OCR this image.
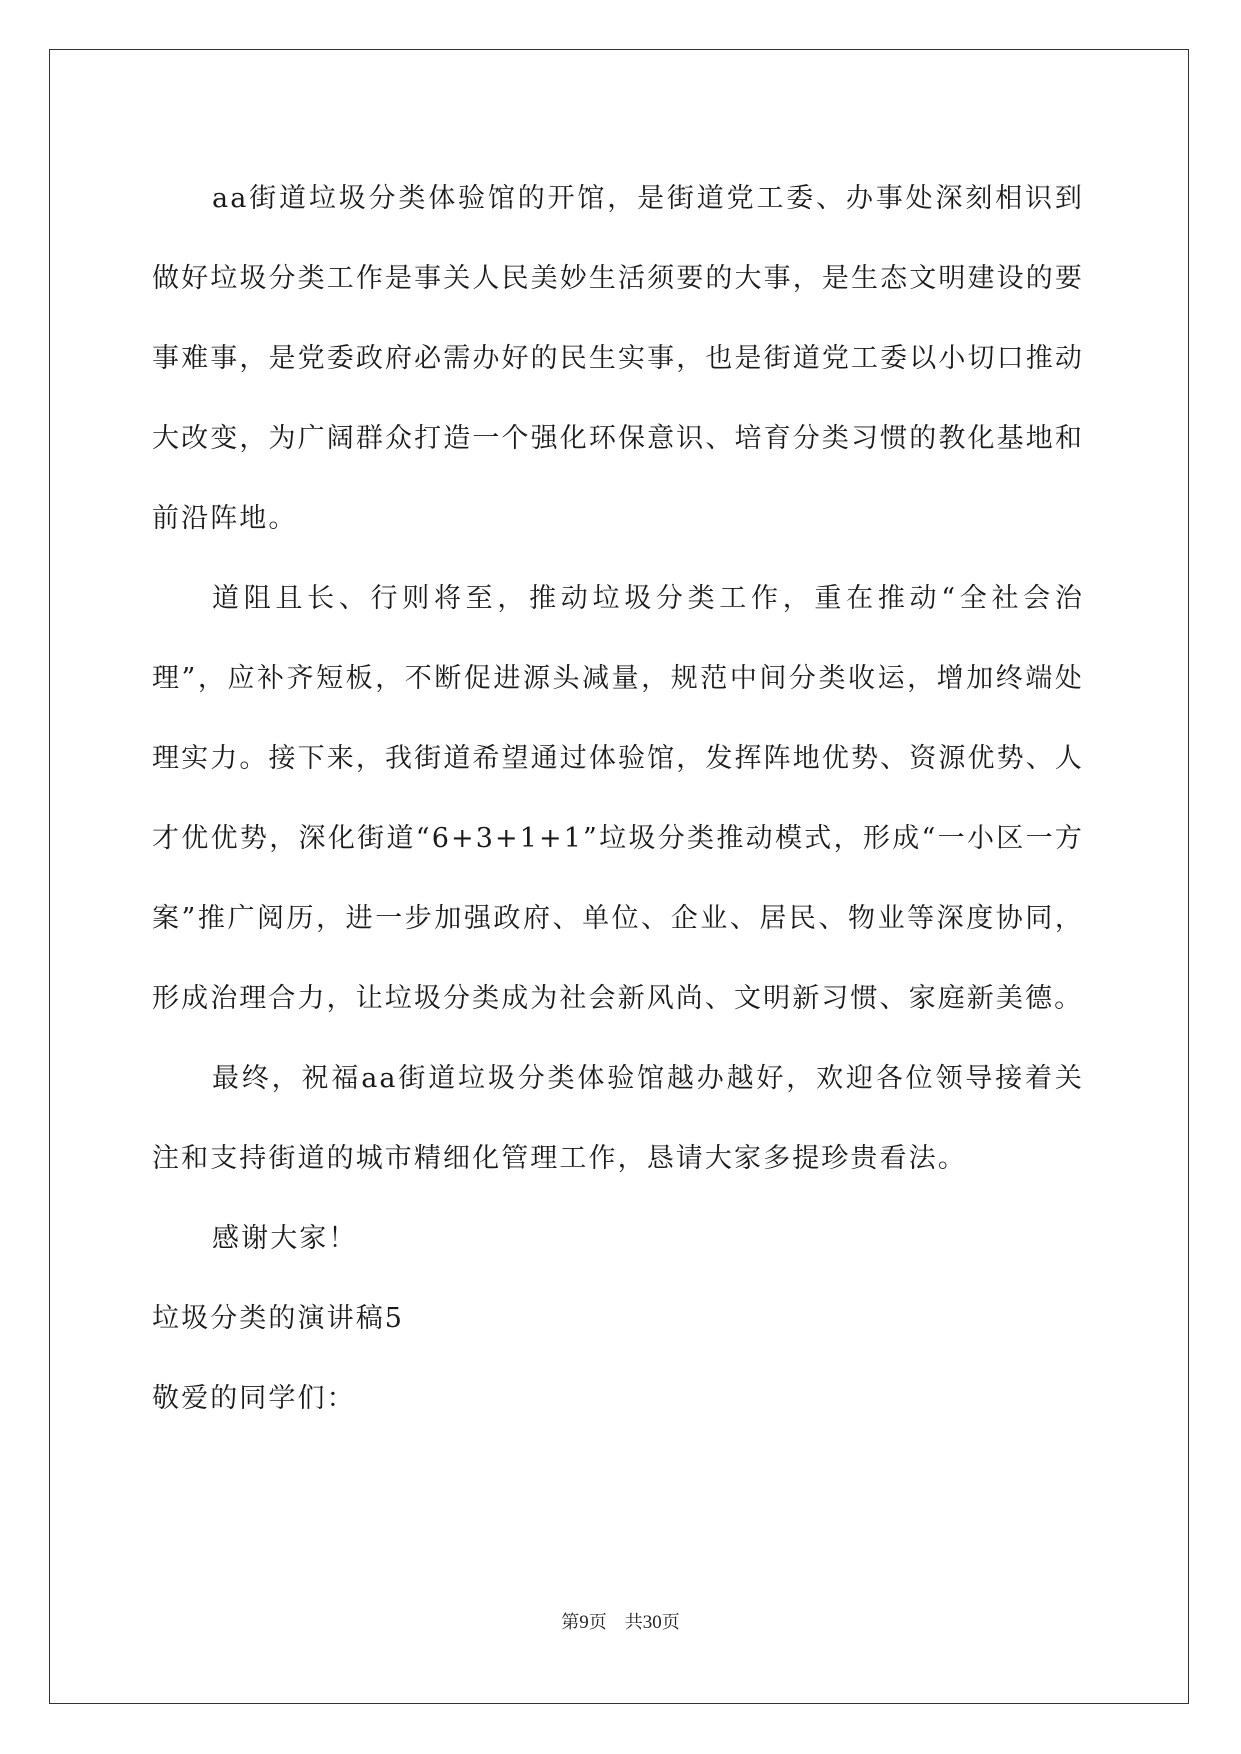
aa街道垃圾分类体验馆的开馆，是街道党工委、办事处深刻相识到做好垃圾分类工作是事关人民美妙生活须要的大事，是生态文明建设的要事难事，是党委政府必需办好的民生实事，也是街道党工委以小切口推动大改变，为广阔群众打造一个强化环保意识、培育分类习惯的教化基地和前沿阵地。

道阻且长、行则将至，推动垃圾分类工作，重在推动“全社会治理”，应补齐短板，不断促进源头减量，规范中间分类收运，增加终端处理实力。接下来，我街道希望通过体验馆，发挥阵地优势、资源优势、人才优优势，深化街道“6+3+1+1”垃圾分类推动模式，形成“一小区一方案”推广阅历，进一步加强政府、单位、企业、居民、物业等深度协同，形成治理合力，让垃圾分类成为社会新风尚、文明新习惯、家庭新美德。

最终，祝福aa街道垃圾分类体验馆越办越好，欢迎各位领导接着关注和支持街道的城市精细化管理工作，恳请大家多提珍贵看法。

感谢大家！

垃圾分类的演讲稿5

敬爱的同学们：

第9页 共30页
